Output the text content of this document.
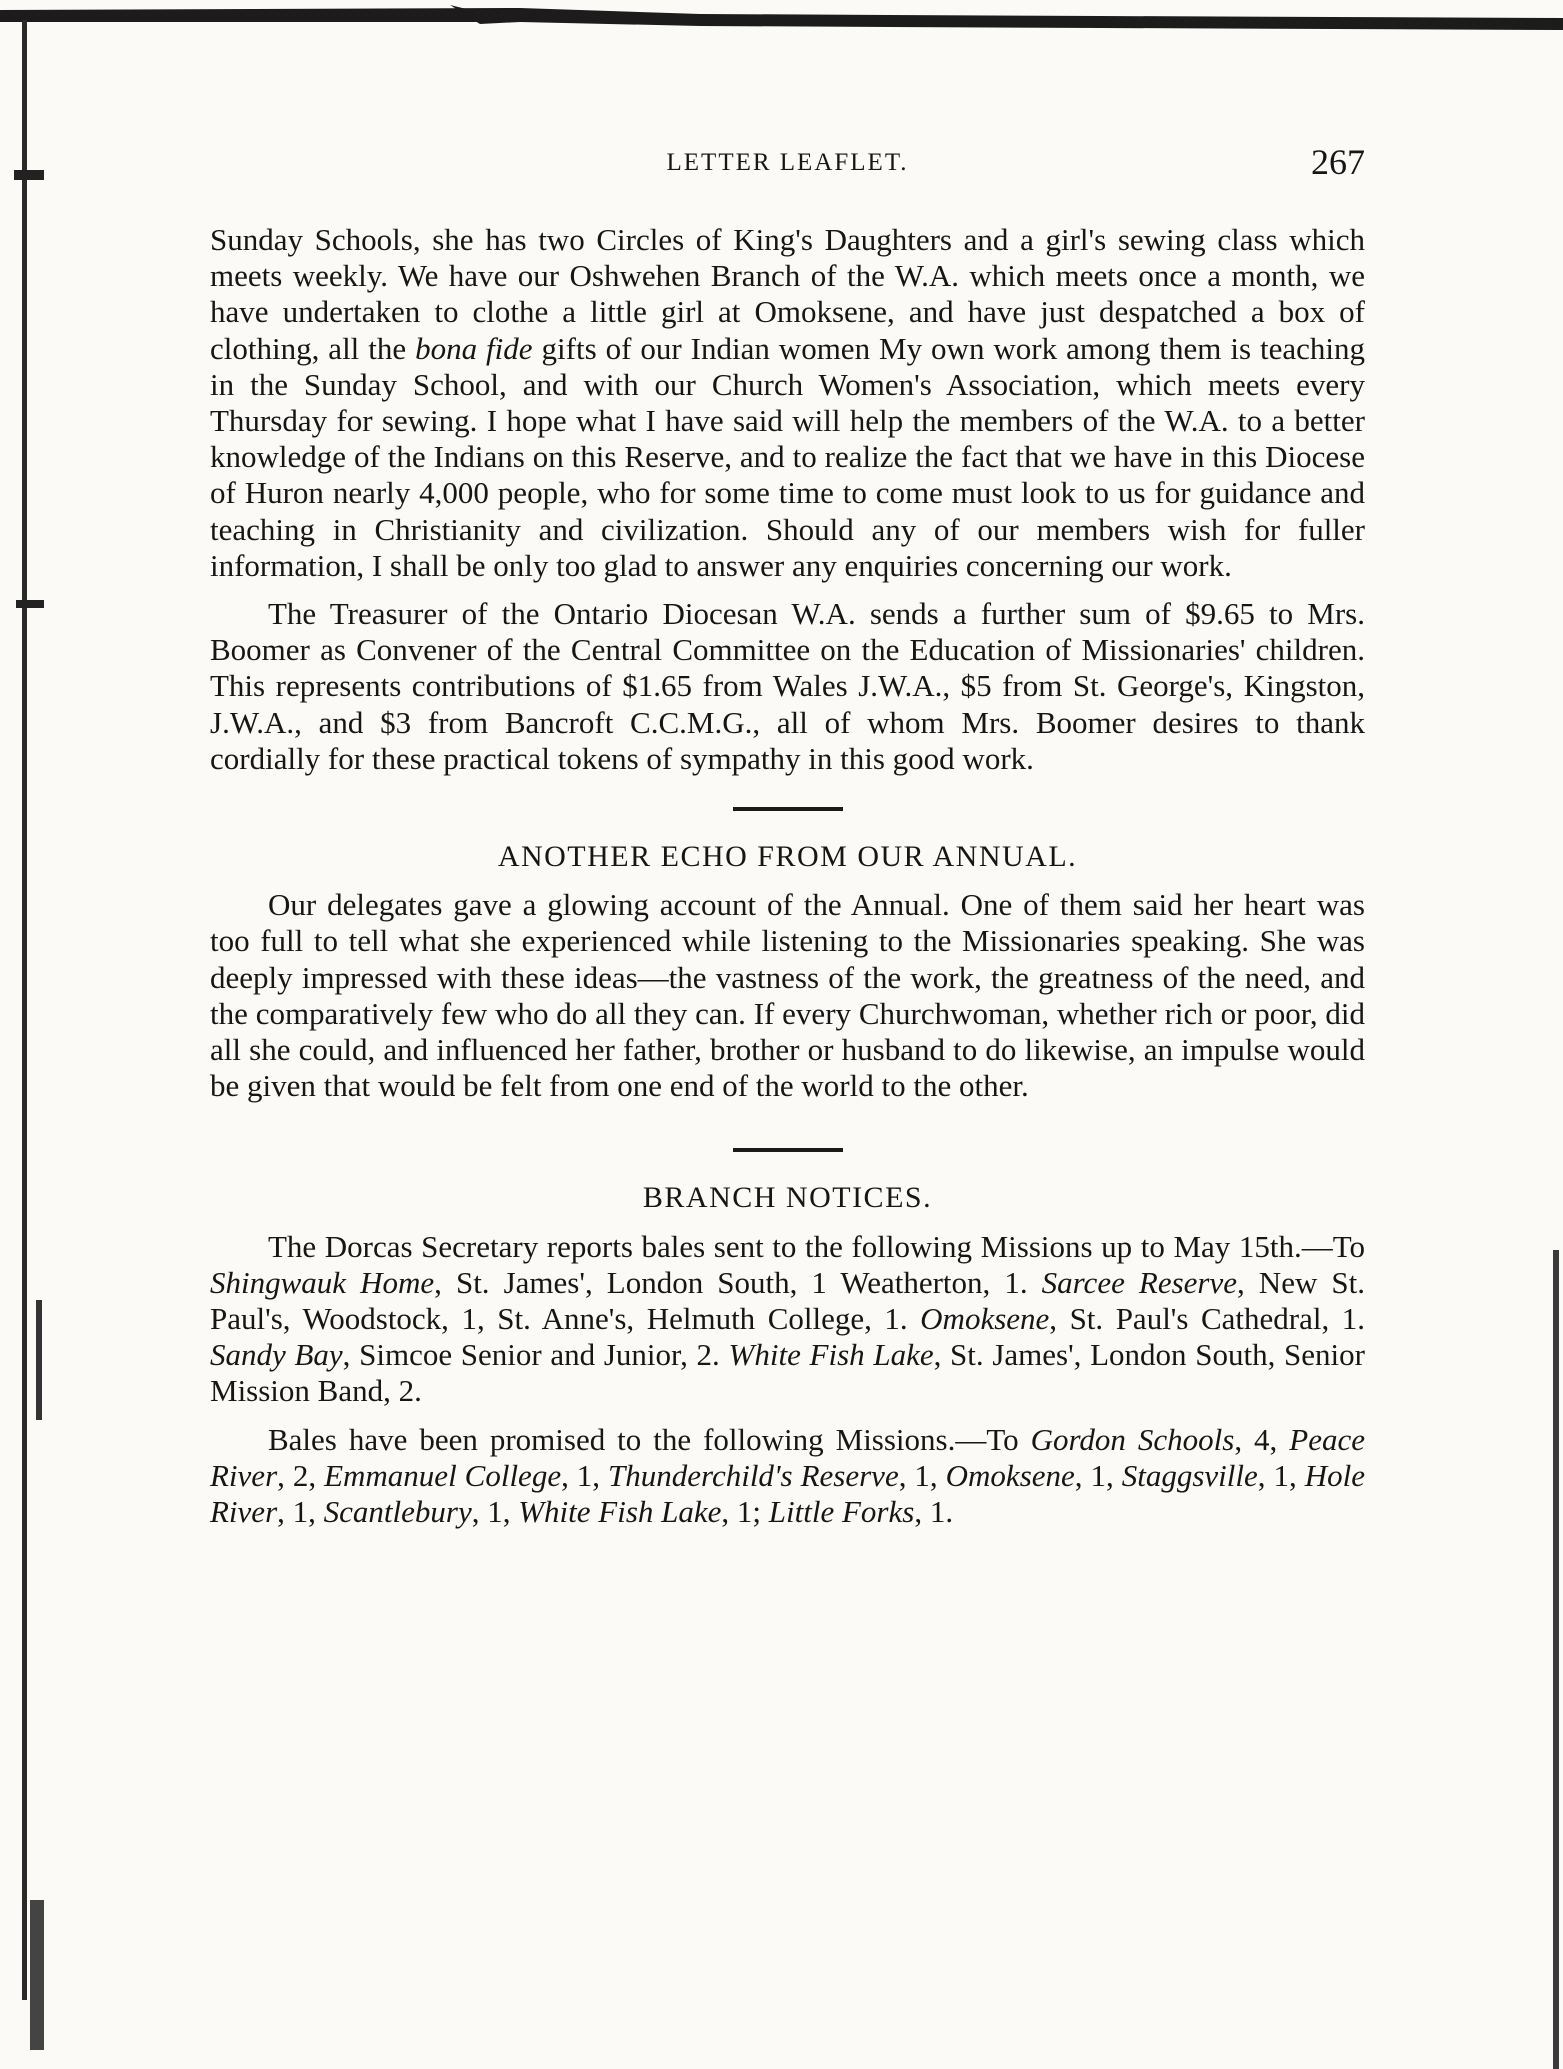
LETTER LEAFLET.	267

Sunday Schools, she has two Circles of King's Daughters and a girl's sewing class which meets weekly. We have our Oshwehen Branch of the W.A. which meets once a month, we have undertaken to clothe a little girl at Omoksene, and have just despatched a box of clothing, all the bona fide gifts of our Indian women My own work among them is teaching in the Sunday School, and with our Church Women's Association, which meets every Thursday for sewing. I hope what I have said will help the members of the W.A. to a better knowledge of the Indians on this Reserve, and to realize the fact that we have in this Diocese of Huron nearly 4,000 people, who for some time to come must look to us for guidance and teaching in Christianity and civilization. Should any of our members wish for fuller information, I shall be only too glad to answer any enquiries concerning our work.

The Treasurer of the Ontario Diocesan W.A. sends a further sum of $9.65 to Mrs. Boomer as Convener of the Central Committee on the Education of Missionaries' children. This represents contributions of $1.65 from Wales J.W.A., $5 from St. George's, Kingston, J.W.A., and $3 from Bancroft C.C.M.G., all of whom Mrs. Boomer desires to thank cordially for these practical tokens of sympathy in this good work.

ANOTHER ECHO FROM OUR ANNUAL.

Our delegates gave a glowing account of the Annual. One of them said her heart was too full to tell what she experienced while listening to the Missionaries speaking. She was deeply impressed with these ideas—the vastness of the work, the greatness of the need, and the comparatively few who do all they can. If every Churchwoman, whether rich or poor, did all she could, and influenced her father, brother or husband to do likewise, an impulse would be given that would be felt from one end of the world to the other.

BRANCH NOTICES.

The Dorcas Secretary reports bales sent to the following Missions up to May 15th.—To Shingwauk Home, St. James', London South, 1 Weatherton, 1. Sarcee Reserve, New St. Paul's, Woodstock, 1, St. Anne's, Helmuth College, 1. Omoksene, St. Paul's Cathedral, 1. Sandy Bay, Simcoe Senior and Junior, 2. White Fish Lake, St. James', London South, Senior Mission Band, 2.

Bales have been promised to the following Missions.—To Gordon Schools, 4, Peace River, 2, Emmanuel College, 1, Thunderchild's Reserve, 1, Omoksene, 1, Staggsville, 1, Hole River, 1, Scantlebury, 1, White Fish Lake, 1; Little Forks, 1.
